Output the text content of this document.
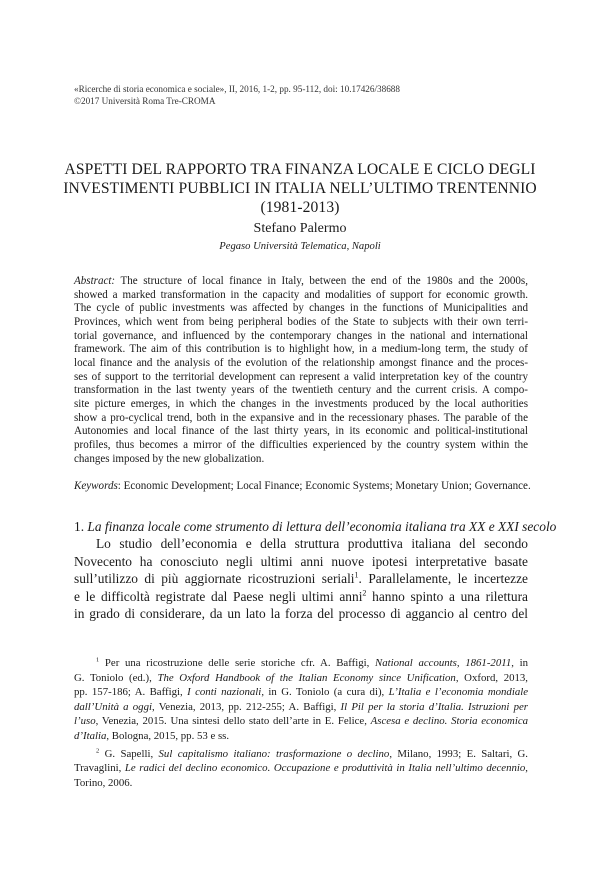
«Ricerche di storia economica e sociale», II, 2016, 1-2, pp. 95-112, doi: 10.17426/38688
©2017 Università Roma Tre-CROMA
ASPETTI DEL RAPPORTO TRA FINANZA LOCALE E CICLO DEGLI
INVESTIMENTI PUBBLICI IN ITALIA NELL’ULTIMO TRENTENNIO
(1981-2013)
Stefano Palermo
Pegaso Università Telematica, Napoli
Abstract: The structure of local finance in Italy, between the end of the 1980s and the 2000s,
showed a marked transformation in the capacity and modalities of support for economic growth.
The cycle of public investments was affected by changes in the functions of Municipalities and
Provinces, which went from being peripheral bodies of the State to subjects with their own terri-
torial governance, and influenced by the contemporary changes in the national and international
framework. The aim of this contribution is to highlight how, in a medium-long term, the study of
local finance and the analysis of the evolution of the relationship amongst finance and the proces-
ses of support to the territorial development can represent a valid interpretation key of the country
transformation in the last twenty years of the twentieth century and the current crisis. A compo-
site picture emerges, in which the changes in the investments produced by the local authorities
show a pro-cyclical trend, both in the expansive and in the recessionary phases. The parable of the
Autonomies and local finance of the last thirty years, in its economic and political-institutional
profiles, thus becomes a mirror of the difficulties experienced by the country system within the
changes imposed by the new globalization.
Keywords: Economic Development; Local Finance; Economic Systems; Monetary Union; Governance.
1. La finanza locale come strumento di lettura dell’economia italiana tra XX e XXI secolo
Lo studio dell’economia e della struttura produttiva italiana del secondo
Novecento ha conosciuto negli ultimi anni nuove ipotesi interpretative basate
sull’utilizzo di più aggiornate ricostruzioni seriali$^1$. Parallelamente, le incertezze
e le difficoltà registrate dal Paese negli ultimi anni$^2$ hanno spinto a una rilettura
in grado di considerare, da un lato la forza del processo di aggancio al centro del
$^1$ Per una ricostruzione delle serie storiche cfr. A. Baffigi, National accounts, 1861-2011, in
G. Toniolo (ed.), The Oxford Handbook of the Italian Economy since Unification, Oxford, 2013,
pp. 157-186; A. Baffigi, I conti nazionali, in G. Toniolo (a cura di), L’Italia e l’economia mondiale
dall’Unità a oggi, Venezia, 2013, pp. 212-255; A. Baffigi, Il Pil per la storia d’Italia. Istruzioni per
l’uso, Venezia, 2015. Una sintesi dello stato dell’arte in E. Felice, Ascesa e declino. Storia economica
d’Italia, Bologna, 2015, pp. 53 e ss.
$^2$ G. Sapelli, Sul capitalismo italiano: trasformazione o declino, Milano, 1993; E. Saltari, G.
Travaglini, Le radici del declino economico. Occupazione e produttività in Italia nell’ultimo decennio,
Torino, 2006.
